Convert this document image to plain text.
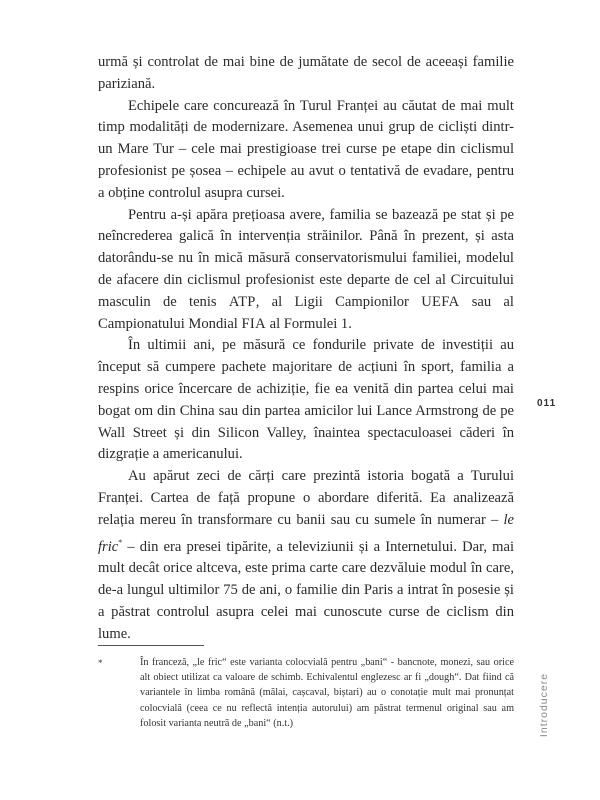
urmă și controlat de mai bine de jumătate de secol de aceeași familie pariziană.

Echipele care concurează în Turul Franței au căutat de mai mult timp modalități de modernizare. Asemenea unui grup de cicliști dintr-un Mare Tur – cele mai prestigioase trei curse pe etape din ciclismul profesionist pe șosea – echipele au avut o tentativă de evadare, pentru a obține controlul asupra cursei.

Pentru a-și apăra prețioasa avere, familia se bazează pe stat și pe neîncrederea galică în intervenția străinilor. Până în prezent, și asta datorându-se nu în mică măsură conservatorismului familiei, modelul de afacere din ciclismul profesionist este departe de cel al Circuitului masculin de tenis ATP, al Ligii Campionilor UEFA sau al Campionatului Mondial FIA al Formulei 1.

În ultimii ani, pe măsură ce fondurile private de investiții au început să cumpere pachete majoritare de acțiuni în sport, familia a respins orice încercare de achiziție, fie ea venită din partea celui mai bogat om din China sau din partea amicilor lui Lance Armstrong de pe Wall Street și din Silicon Valley, înaintea spectaculoasei căderi în dizgrație a americanului.

Au apărut zeci de cărți care prezintă istoria bogată a Turului Franței. Cartea de față propune o abordare diferită. Ea analizează relația mereu în transformare cu banii sau cu sumele în numerar – le fric* – din era presei tipărite, a televiziunii și a Internetului. Dar, mai mult decât orice altceva, este prima carte care dezvăluie modul în care, de-a lungul ultimilor 75 de ani, o familie din Paris a intrat în posesie și a păstrat controlul asupra celei mai cunoscute curse de ciclism din lume.

011
*	În franceză, „le fric“ este varianta colocvială pentru „bani“ - bancnote, monezi, sau orice alt obiect utilizat ca valoare de schimb. Echivalentul englezesc ar fi „dough“. Dat fiind că variantele în limba română (mălai, cașcaval, biștari) au o conotație mult mai pronunțat colocvială (ceea ce nu reflectă intenția autorului) am păstrat termenul original sau am folosit varianta neutră de „bani“ (n.t.)	Introducere
